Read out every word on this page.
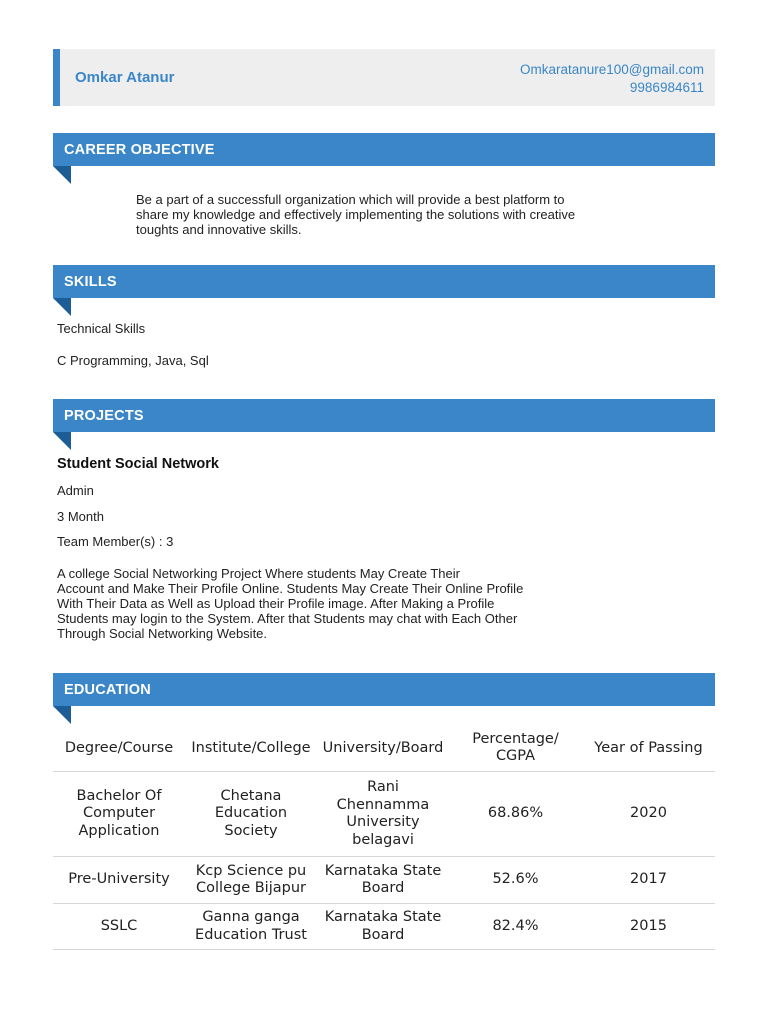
Omkar Atanur	Omkaratanure100@gmail.com
9986984611
CAREER OBJECTIVE
Be a part of a successfull organization which will provide a best platform to
share my knowledge and effectively implementing the solutions with creative
toughts and innovative skills.
SKILLS
Technical Skills
C Programming, Java, Sql
PROJECTS
Student Social Network
Admin
3 Month
Team Member(s) : 3
A college Social Networking Project Where students May Create Their
Account and Make Their Profile Online. Students May Create Their Online Profile
With Their Data as Well as Upload their Profile image. After Making a Profile
Students may login to the System. After that Students may chat with Each Other
Through Social Networking Website.
EDUCATION
Degree/Course	Institute/College	University/Board	Percentage/
CGPA	Year of Passing
Bachelor Of
Computer
Application	Chetana
Education
Society	Rani
Chennamma
University
belagavi	68.86%	2020
Pre-University	Kcp Science pu
College Bijapur	Karnataka State
Board	52.6%	2017
SSLC	Ganna ganga
Education Trust	Karnataka State
Board	82.4%	2015
